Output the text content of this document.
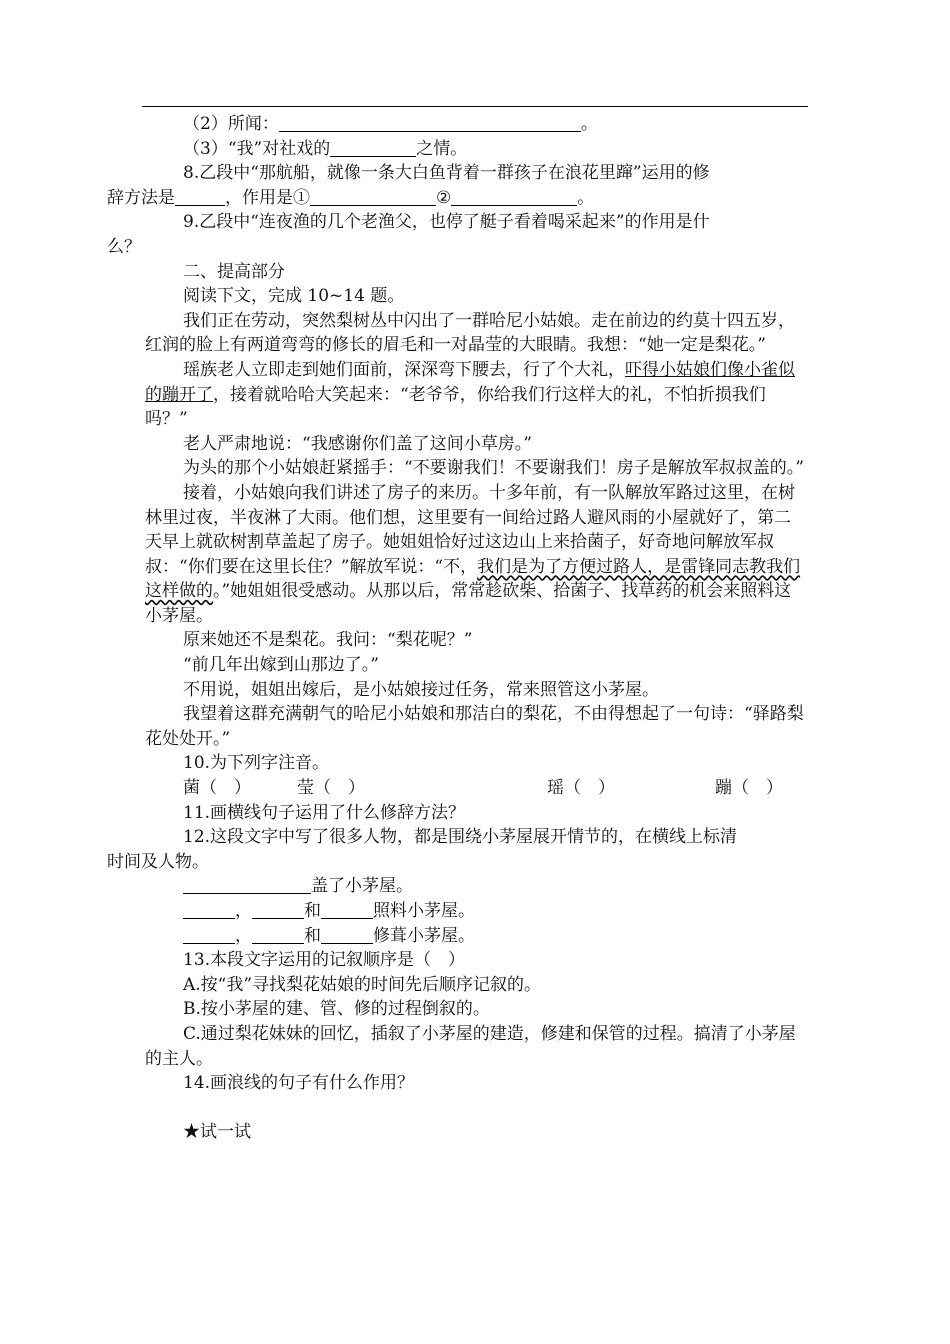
（2）所闻：	。

（3）“我”对社戏的	之情。

8.乙段中“那航船，就像一条大白鱼背着一群孩子在浪花里蹿”运用的修
辞方法是	，作用是①	②	。

9.乙段中“连夜渔的几个老渔父，也停了艇子看着喝采起来”的作用是什
么？

二、提高部分

阅读下文，完成 10~14 题。

我们正在劳动，突然梨树丛中闪出了一群哈尼小姑娘。走在前边的约莫十四五岁，红润的脸上有两道弯弯的修长的眉毛和一对晶莹的大眼睛。我想：“她一定是梨花。”

瑶族老人立即走到她们面前，深深弯下腰去，行了个大礼，吓得小姑娘们像小雀似的蹦开了，接着就哈哈大笑起来：“老爷爷，你给我们行这样大的礼，不怕折损我们吗？”

老人严肃地说：“我感谢你们盖了这间小草房。”

为头的那个小姑娘赶紧摇手：“不要谢我们！不要谢我们！房子是解放军叔叔盖的。”

接着，小姑娘向我们讲述了房子的来历。十多年前，有一队解放军路过这里，在树林里过夜，半夜淋了大雨。他们想，这里要有一间给过路人避风雨的小屋就好了，第二天早上就砍树割草盖起了房子。她姐姐恰好过这边山上来拾菌子，好奇地问解放军叔叔：“你们要在这里长住？”解放军说：“不，我们是为了方便过路人，是雷锋同志教我们这样做的。”她姐姐很受感动。从那以后，常常趁砍柴、拾菌子、找草药的机会来照料这小茅屋。

原来她还不是梨花。我问：“梨花呢？”

“前几年出嫁到山那边了。”

不用说，姐姐出嫁后，是小姑娘接过任务，常来照管这小茅屋。

我望着这群充满朝气的哈尼小姑娘和那洁白的梨花，不由得想起了一句诗：“驿路梨花处处开。”

10.为下列字注音。

菌（　）	莹（　）	瑶（　）	蹦（　）

11.画横线句子运用了什么修辞方法？

12.这段文字中写了很多人物，都是围绕小茅屋展开情节的，在横线上标清
时间及人物。

盖了小茅屋。

，	和	照料小茅屋。

，	和	修葺小茅屋。

13.本段文字运用的记叙顺序是（　）

A.按“我”寻找梨花姑娘的时间先后顺序记叙的。

B.按小茅屋的建、管、修的过程倒叙的。

C.通过梨花妹妹的回忆，插叙了小茅屋的建造，修建和保管的过程。搞清了小茅屋的主人。

14.画浪线的句子有什么作用？

★试一试
